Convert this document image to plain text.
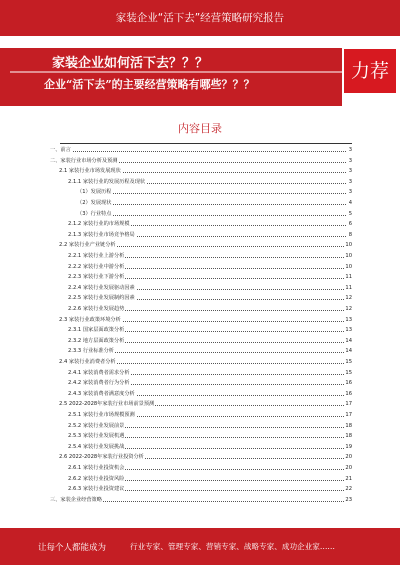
家装企业“活下去”经营策略研究报告
家装企业如何活下去？？？
企业“活下去”的主要经营策略有哪些？？？
力荐
内容目录
一、前言	3
二、家装行业市场分析及预测	3
2.1 家装行业市场发展现状	3
2.1.1 家装行业的发展历程及现状	3
（1）发展历程	3
（2）发展现状	4
（3）行业特点	5
2.1.2 家装行业的市场规模	6
2.1.3 家装行业市场竞争格局	8
2.2 家装行业产业链分析	10
2.2.1 家装行业上游分析	10
2.2.2 家装行业中游分析	10
2.2.3 家装行业下游分析	11
2.2.4 家装行业发展驱动因素	11
2.2.5 家装行业发展制约因素	12
2.2.6 家装行业发展趋势	12
2.3 家装行业政策环境分析	13
2.3.1 国家层面政策分析	13
2.3.2 地方层面政策分析	14
2.3.3 行业标准分析	14
2.4 家装行业消费者分析	15
2.4.1 家装消费者需求分析	15
2.4.2 家装消费者行为分析	16
2.4.3 家装消费者满意度分析	16
2.5 2022-2028年家装行业市场前景预测	17
2.5.1 家装行业市场规模预测	17
2.5.2 家装行业发展前景	18
2.5.3 家装行业发展机遇	18
2.5.4 家装行业发展挑战	19
2.6 2022-2028年家装行业投资分析	20
2.6.1 家装行业投资机会	20
2.6.2 家装行业投资风险	21
2.6.3 家装行业投资建议	22
三、家装企业经营策略	23
让每个人都能成为	行业专家、管理专家、营销专家、战略专家、成功企业家……
